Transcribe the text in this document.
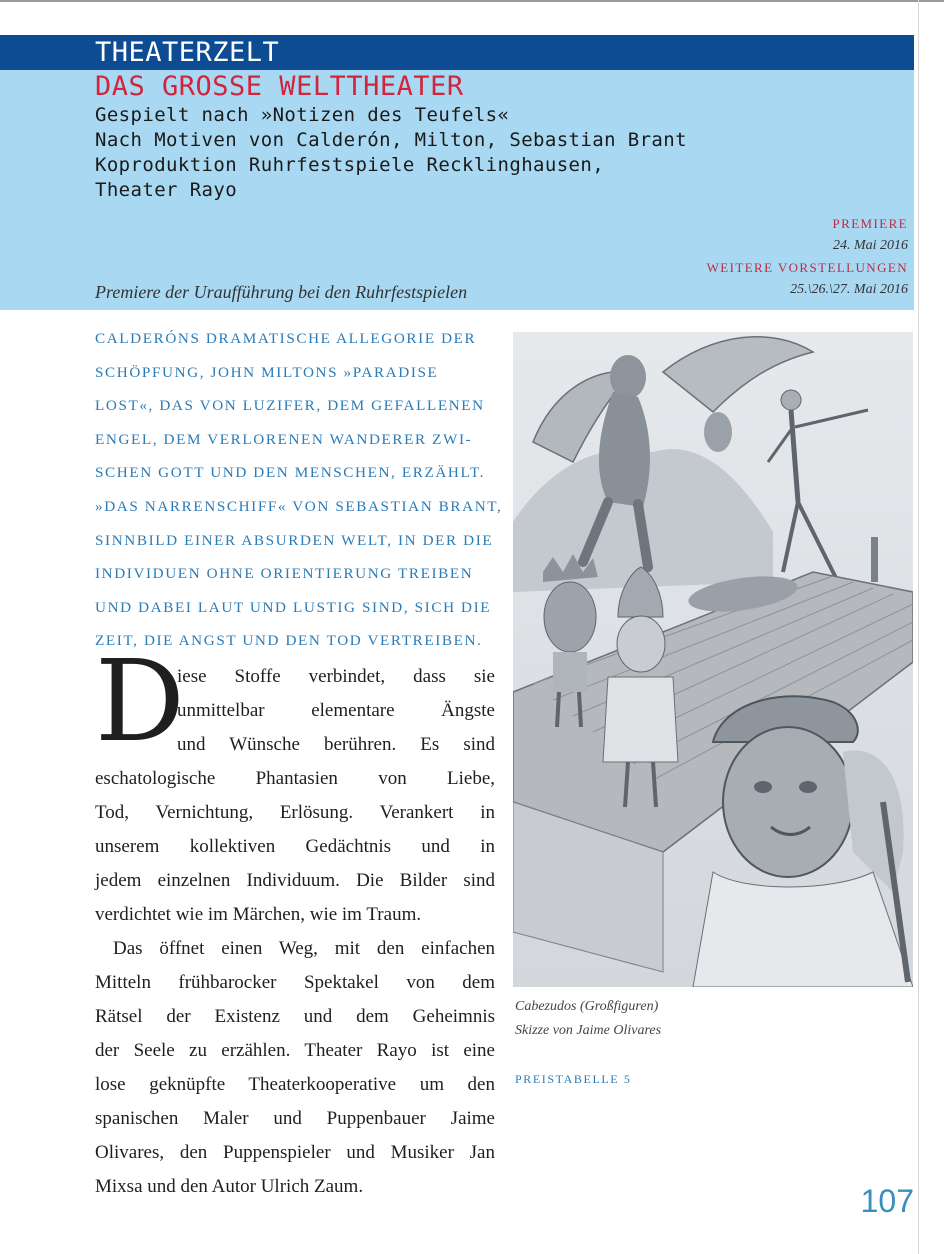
THEATERZELT
DAS GROSSE WELTTHEATER
Gespielt nach »Notizen des Teufels«
Nach Motiven von Calderón, Milton, Sebastian Brant
Koproduktion Ruhrfestspiele Recklinghausen,
Theater Rayo
PREMIERE
24. Mai 2016
WEITERE VORSTELLUNGEN
25.\26.\27. Mai 2016
Premiere der Uraufführung bei den Ruhrfestspielen
CALDERÓNS DRAMATISCHE ALLEGORIE DER
SCHÖPFUNG, JOHN MILTONS »PARADISE
LOST«, DAS VON LUZIFER, DEM GEFALLENEN
ENGEL, DEM VERLORENEN WANDERER ZWI-
SCHEN GOTT UND DEN MENSCHEN, ERZÄHLT.
»DAS NARRENSCHIFF« VON SEBASTIAN BRANT,
SINNBILD EINER ABSURDEN WELT, IN DER DIE
INDIVIDUEN OHNE ORIENTIERUNG TREIBEN
UND DABEI LAUT UND LUSTIG SIND, SICH DIE
ZEIT, DIE ANGST UND DEN TOD VERTREIBEN.
D
iese Stoffe verbindet, dass sie
unmittelbar elementare Ängste
und Wünsche berühren. Es sind
eschatologische Phantasien von Liebe,
Tod, Vernichtung, Erlösung. Verankert in
unserem kollektiven Gedächtnis und in
jedem einzelnen Individuum. Die Bilder sind
verdichtet wie im Märchen, wie im Traum.
Das öffnet einen Weg, mit den einfachen
Mitteln frühbarocker Spektakel von dem
Rätsel der Existenz und dem Geheimnis
der Seele zu erzählen. Theater Rayo ist eine
lose geknüpfte Theaterkooperative um den
spanischen Maler und Puppenbauer Jaime
Olivares, den Puppenspieler und Musiker Jan
Mixsa und den Autor Ulrich Zaum.
Cabezudos (Großfiguren)
Skizze von Jaime Olivares
PREISTABELLE 5
107
